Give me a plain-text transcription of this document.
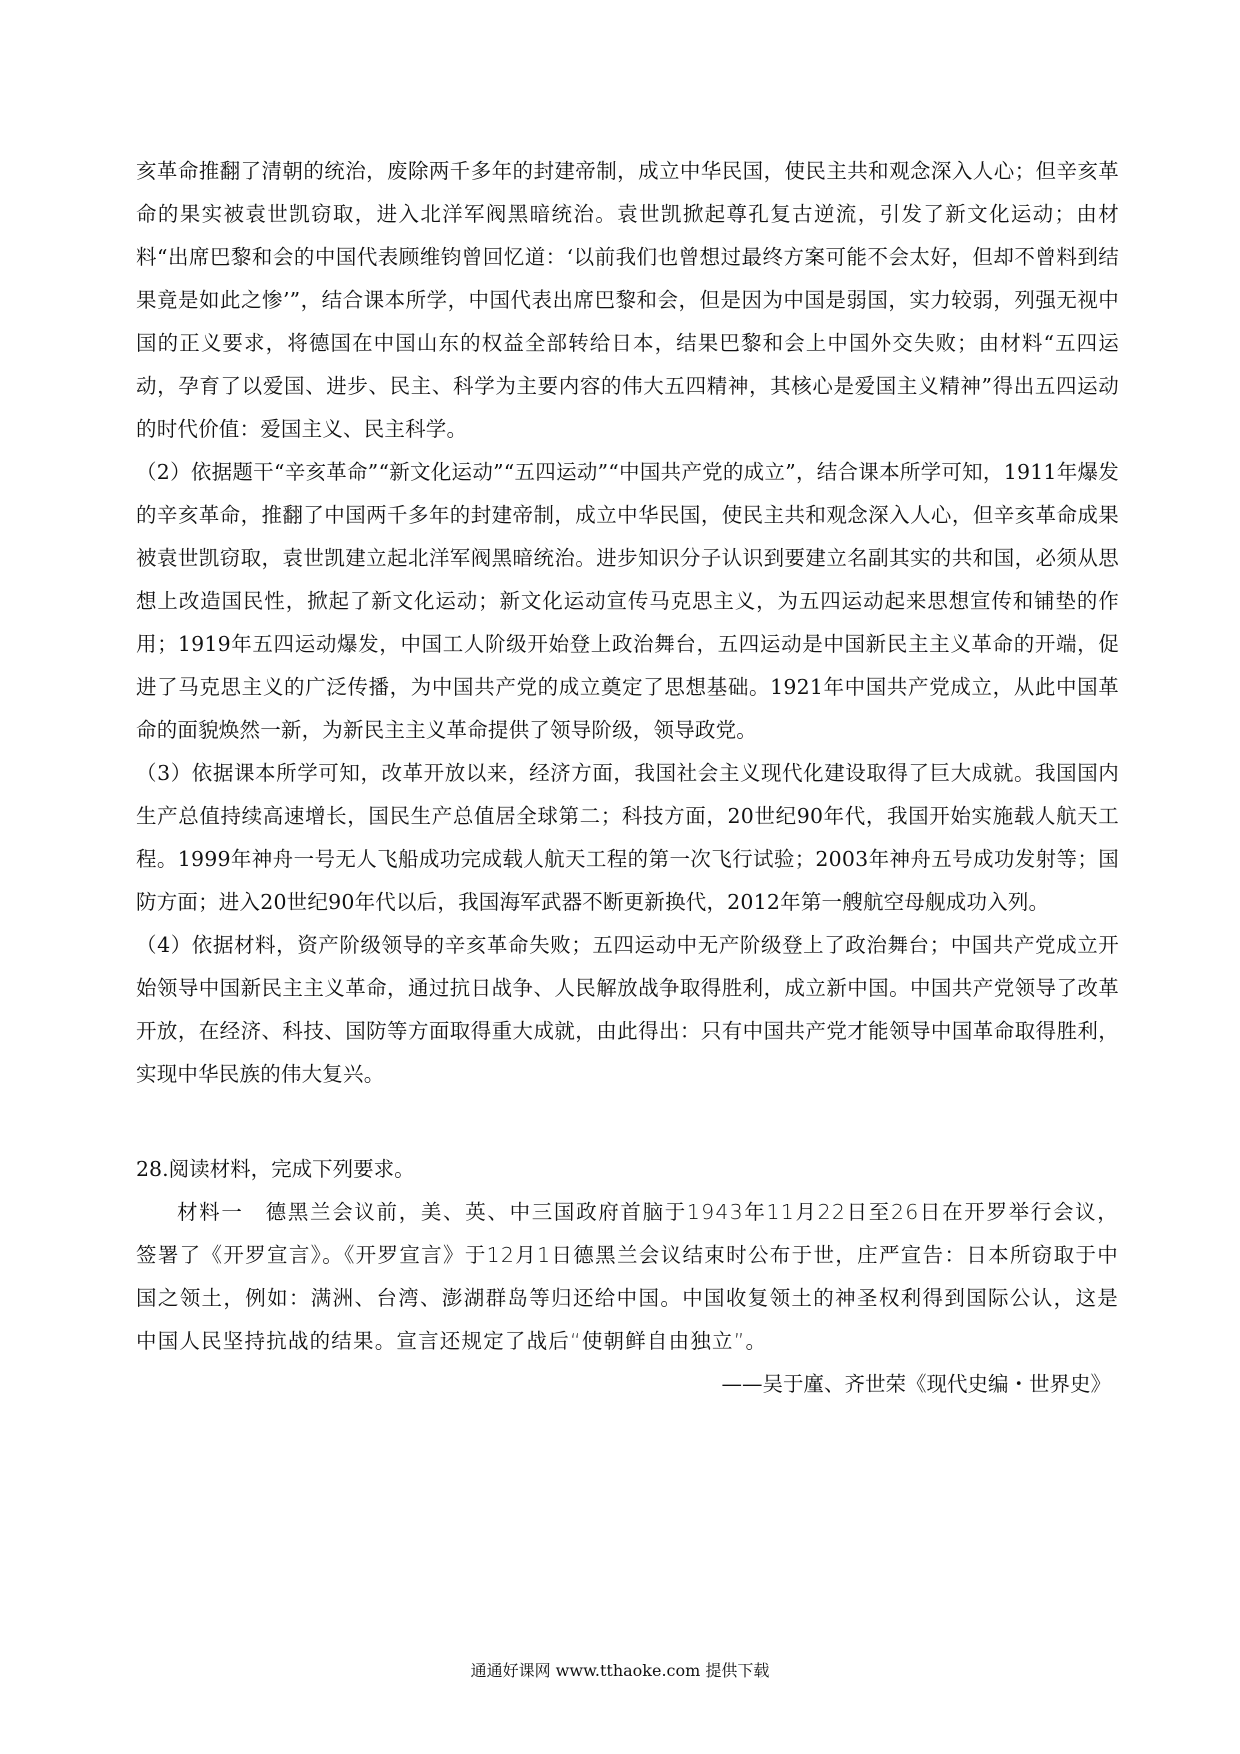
亥革命推翻了清朝的统治，废除两千多年的封建帝制，成立中华民国，使民主共和观念深入人心；但辛亥革命的果实被袁世凯窃取，进入北洋军阀黑暗统治。袁世凯掀起尊孔复古逆流，引发了新文化运动；由材料“出席巴黎和会的中国代表顾维钧曾回忆道：‘以前我们也曾想过最终方案可能不会太好，但却不曾料到结果竟是如此之惨’”，结合课本所学，中国代表出席巴黎和会，但是因为中国是弱国，实力较弱，列强无视中国的正义要求，将德国在中国山东的权益全部转给日本，结果巴黎和会上中国外交失败；由材料“五四运动，孕育了以爱国、进步、民主、科学为主要内容的伟大五四精神，其核心是爱国主义精神”得出五四运动的时代价值：爱国主义、民主科学。

（2）依据题干“辛亥革命”“新文化运动”“五四运动”“中国共产党的成立”，结合课本所学可知，1911年爆发的辛亥革命，推翻了中国两千多年的封建帝制，成立中华民国，使民主共和观念深入人心，但辛亥革命成果被袁世凯窃取，袁世凯建立起北洋军阀黑暗统治。进步知识分子认识到要建立名副其实的共和国，必须从思想上改造国民性，掀起了新文化运动；新文化运动宣传马克思主义，为五四运动起来思想宣传和铺垫的作用；1919年五四运动爆发，中国工人阶级开始登上政治舞台，五四运动是中国新民主主义革命的开端，促进了马克思主义的广泛传播，为中国共产党的成立奠定了思想基础。1921年中国共产党成立，从此中国革命的面貌焕然一新，为新民主主义革命提供了领导阶级，领导政党。

（3）依据课本所学可知，改革开放以来，经济方面，我国社会主义现代化建设取得了巨大成就。我国国内生产总值持续高速增长，国民生产总值居全球第二；科技方面，20世纪90年代，我国开始实施载人航天工程。1999年神舟一号无人飞船成功完成载人航天工程的第一次飞行试验；2003年神舟五号成功发射等；国防方面；进入20世纪90年代以后，我国海军武器不断更新换代，2012年第一艘航空母舰成功入列。

（4）依据材料，资产阶级领导的辛亥革命失败；五四运动中无产阶级登上了政治舞台；中国共产党成立开始领导中国新民主主义革命，通过抗日战争、人民解放战争取得胜利，成立新中国。中国共产党领导了改革开放，在经济、科技、国防等方面取得重大成就，由此得出：只有中国共产党才能领导中国革命取得胜利，实现中华民族的伟大复兴。

28.阅读材料，完成下列要求。

材料一　德黑兰会议前，美、英、中三国政府首脑于1943年11月22日至26日在开罗举行会议，签署了《开罗宣言》。《开罗宣言》于12月1日德黑兰会议结束时公布于世，庄严宣告：日本所窃取于中国之领土，例如：满洲、台湾、澎湖群岛等归还给中国。中国收复领土的神圣权利得到国际公认，这是中国人民坚持抗战的结果。宣言还规定了战后“使朝鲜自由独立”。

——吴于廑、齐世荣《现代史编・世界史》

通通好课网 www.tthaoke.com 提供下载
